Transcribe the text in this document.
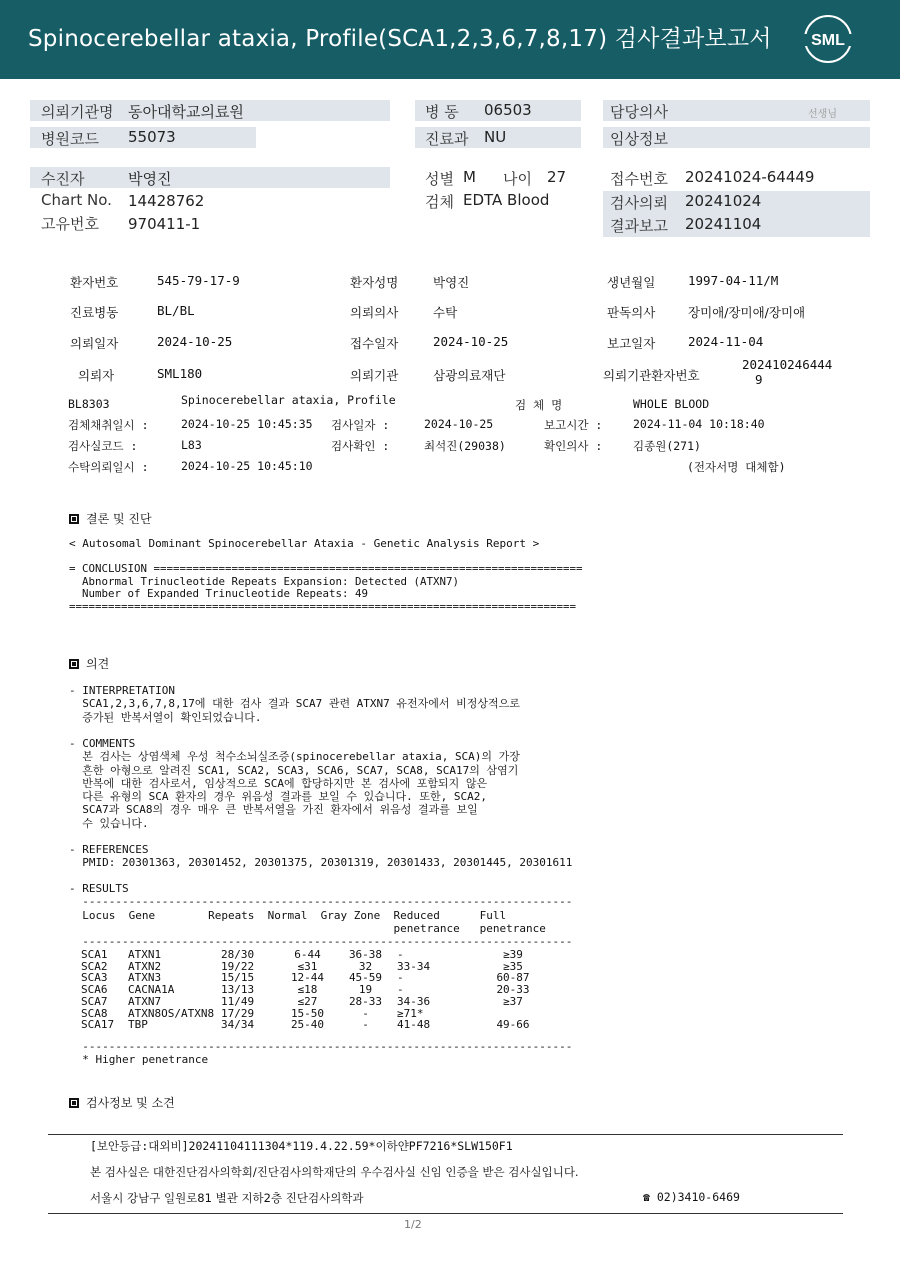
Spinocerebellar ataxia, Profile(SCA1,2,3,6,7,8,17) 검사결과보고서 SML
의뢰기관명 동아대학교의료원	병 동 06503	담당의사	선생님
병원코드 55073	진료과 NU	임상정보
수진자	박영진
Chart No. 14428762
고유번호 970411-1
성별 M 나이 27
검체 EDTA Blood
접수번호 20241024-64449
검사의뢰 20241024
결과보고 20241104
환자번호	545-79-17-9	환자성명	박영진	생년월일	1997-04-11/M
진료병동	BL/BL	의뢰의사	수탁	판독의사	장미애/장미애/장미애
의뢰일자	2024-10-25	접수일자	2024-10-25	보고일자	2024-11-04
의뢰자	SML180	의뢰기관	삼광의료재단	의뢰기관환자번호
202410246444
9
BL8303	Spinocerebellar ataxia, Profile	검 체 명	WHOLE BLOOD
검체채취일시 :	2024-10-25 10:45:35 검사일자 :	2024-10-25	보고시간 :	2024-11-04 10:18:40
검사실코드 :	L83	검사확인 :	최석진(29038)	확인의사 :	김종원(271)
수탁의뢰일시 :	2024-10-25 10:45:10	(전자서명 대체함)
결론 및 진단
< Autosomal Dominant Spinocerebellar Ataxia - Genetic Analysis Report >
= CONCLUSION ==================================================================
Abnormal Trinucleotide Repeats Expansion: Detected (ATXN7)
Number of Expanded Trinucleotide Repeats: 49
==============================================================================
의견
- INTERPRETATION
SCA1,2,3,6,7,8,17에 대한 검사 결과 SCA7 관련 ATXN7 유전자에서 비정상적으로
증가된 반복서열이 확인되었습니다.
- COMMENTS
본 검사는 상염색체 우성 척수소뇌실조증(spinocerebellar ataxia, SCA)의 가장
흔한 아형으로 알려진 SCA1, SCA2, SCA3, SCA6, SCA7, SCA8, SCA17의 삼염기
반복에 대한 검사로서, 임상적으로 SCA에 합당하지만 본 검사에 포함되지 않은
다른 유형의 SCA 환자의 경우 위음성 결과를 보일 수 있습니다. 또한, SCA2,
SCA7과 SCA8의 경우 매우 큰 반복서열을 가진 환자에서 위음성 결과를 보일
수 있습니다.
- REFERENCES
PMID: 20301363, 20301452, 20301375, 20301319, 20301433, 20301445, 20301611
- RESULTS
--------------------------------------------------------------------------
Locus  Gene        Repeats  Normal  Gray Zone  Reduced      Full
penetrance   penetrance
--------------------------------------------------------------------------
SCA1	ATXN1	28/30	6-44	36-38	-	≥39
SCA2	ATXN2	19/22	≤31	32	33-34	≥35
SCA3	ATXN3	15/15	12-44	45-59	-	60-87
SCA6	CACNA1A	13/13	≤18	19	-	20-33
SCA7	ATXN7	11/49	≤27	28-33	34-36	≥37
SCA8	ATXN8OS/ATXN8	17/29	15-50	-	≥71*	
SCA17	TBP	34/34	25-40	-	41-48	49-66
--------------------------------------------------------------------------
* Higher penetrance
검사정보 및 소견
[보안등급:대외비]20241104111304*119.4.22.59*이하얀PF7216*SLW150F1
본 검사실은 대한진단검사의학회/진단검사의학재단의 우수검사실 신임 인증을 받은 검사실입니다.
서울시 강남구 일원로81 별관 지하2층 진단검사의학과	☎ 02)3410-6469
1/2
